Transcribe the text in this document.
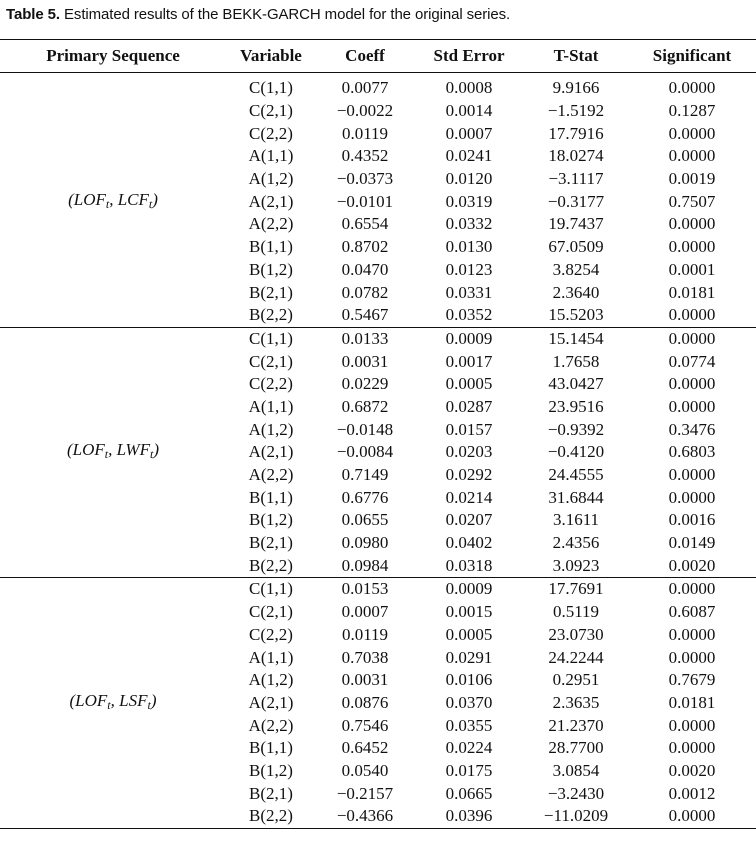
Table 5. Estimated results of the BEKK-GARCH model for the original series.
Primary Sequence	Variable	Coeff	Std Error	T-Stat	Significant
($LOF_t$, $LCF_t$)	C(1,1)	0.0077	0.0008	9.9166	0.0000
	C(2,1)	−0.0022	0.0014	−1.5192	0.1287
	C(2,2)	0.0119	0.0007	17.7916	0.0000
	A(1,1)	0.4352	0.0241	18.0274	0.0000
	A(1,2)	−0.0373	0.0120	−3.1117	0.0019
	A(2,1)	−0.0101	0.0319	−0.3177	0.7507
	A(2,2)	0.6554	0.0332	19.7437	0.0000
	B(1,1)	0.8702	0.0130	67.0509	0.0000
	B(1,2)	0.0470	0.0123	3.8254	0.0001
	B(2,1)	0.0782	0.0331	2.3640	0.0181
	B(2,2)	0.5467	0.0352	15.5203	0.0000
($LOF_t$, $LWF_t$)	C(1,1)	0.0133	0.0009	15.1454	0.0000
	C(2,1)	0.0031	0.0017	1.7658	0.0774
	C(2,2)	0.0229	0.0005	43.0427	0.0000
	A(1,1)	0.6872	0.0287	23.9516	0.0000
	A(1,2)	−0.0148	0.0157	−0.9392	0.3476
	A(2,1)	−0.0084	0.0203	−0.4120	0.6803
	A(2,2)	0.7149	0.0292	24.4555	0.0000
	B(1,1)	0.6776	0.0214	31.6844	0.0000
	B(1,2)	0.0655	0.0207	3.1611	0.0016
	B(2,1)	0.0980	0.0402	2.4356	0.0149
	B(2,2)	0.0984	0.0318	3.0923	0.0020
($LOF_t$, $LSF_t$)	C(1,1)	0.0153	0.0009	17.7691	0.0000
	C(2,1)	0.0007	0.0015	0.5119	0.6087
	C(2,2)	0.0119	0.0005	23.0730	0.0000
	A(1,1)	0.7038	0.0291	24.2244	0.0000
	A(1,2)	0.0031	0.0106	0.2951	0.7679
	A(2,1)	0.0876	0.0370	2.3635	0.0181
	A(2,2)	0.7546	0.0355	21.2370	0.0000
	B(1,1)	0.6452	0.0224	28.7700	0.0000
	B(1,2)	0.0540	0.0175	3.0854	0.0020
	B(2,1)	−0.2157	0.0665	−3.2430	0.0012
	B(2,2)	−0.4366	0.0396	−11.0209	0.0000
